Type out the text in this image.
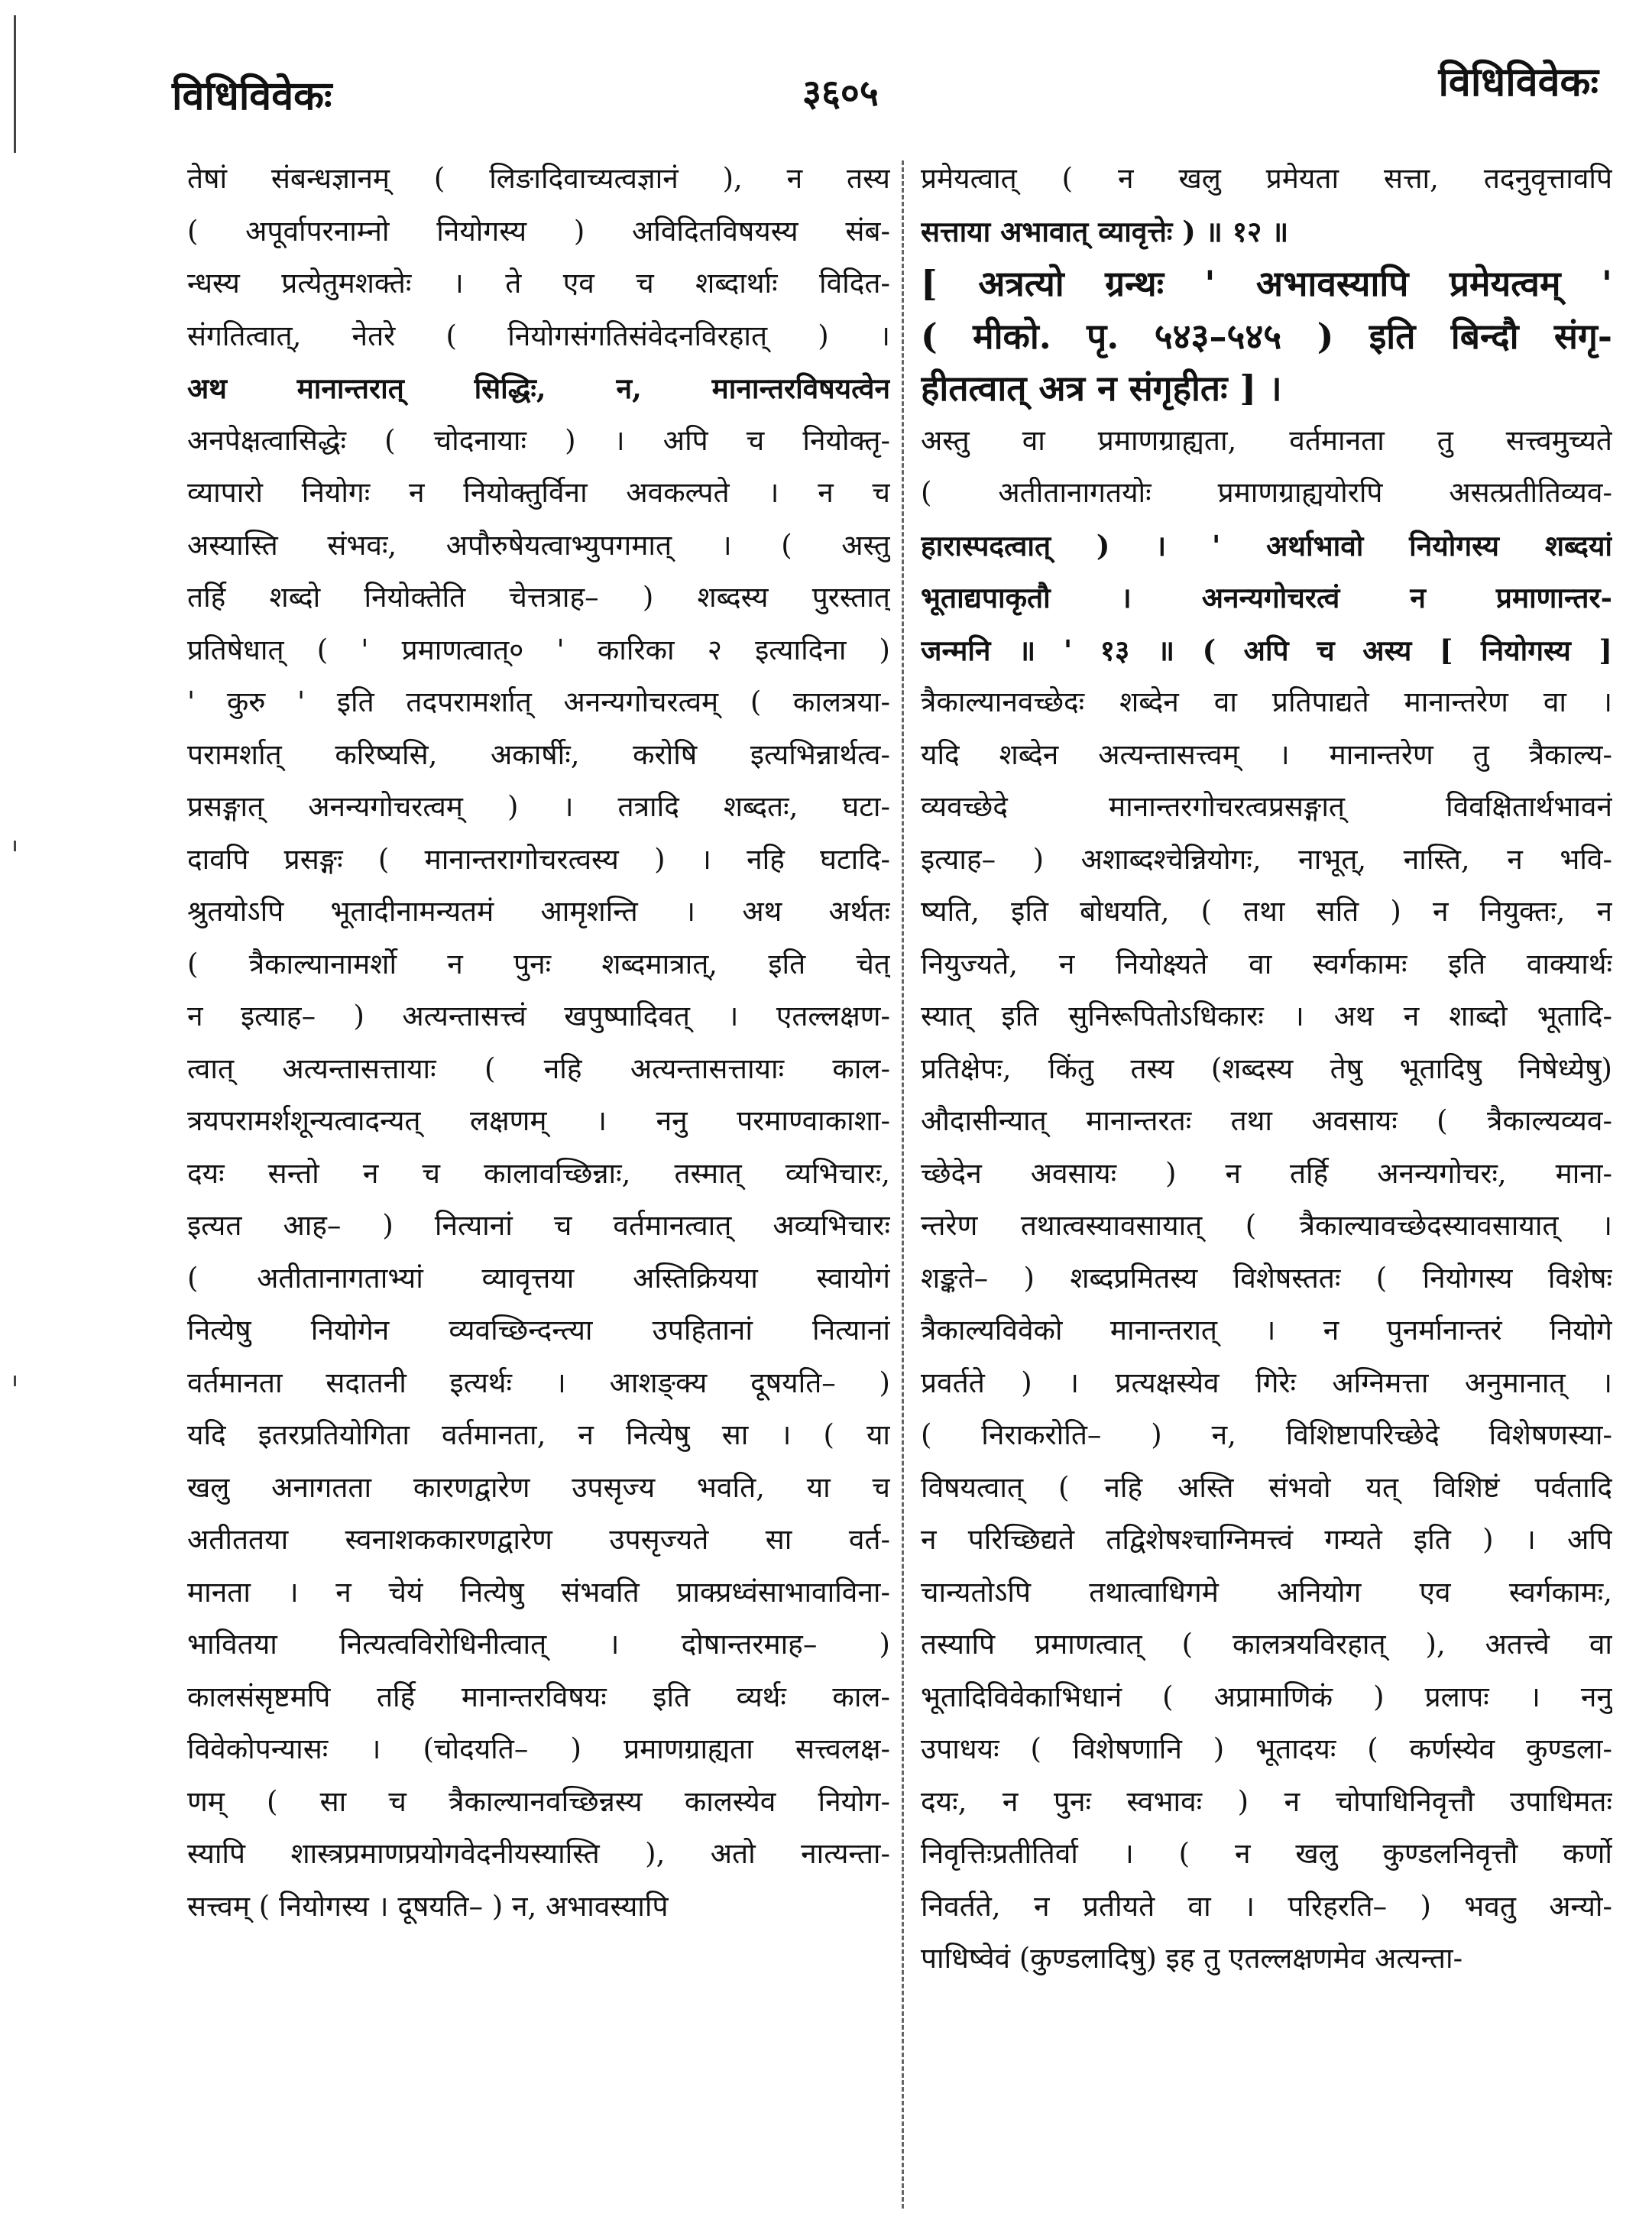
विधिविवेकः	३६०५	विधिविवेकः
तेषां संबन्धज्ञानम् ( लिङादिवाच्यत्वज्ञानं ), न तस्य
( अपूर्वापरनाम्नो नियोगस्य ) अविदितविषयस्य संब-
न्धस्य प्रत्येतुमशक्तेः । ते एव च शब्दार्थाः विदित-
संगतित्वात्, नेतरे ( नियोगसंगतिसंवेदनविरहात् ) ।
अथ मानान्तरात् सिद्धिः, न, मानान्तरविषयत्वेन
अनपेक्षत्वासिद्धेः ( चोदनायाः ) । अपि च नियोक्तृ-
व्यापारो नियोगः न नियोक्तुर्विना अवकल्पते । न च
अस्यास्ति संभवः, अपौरुषेयत्वाभ्युपगमात् । ( अस्तु
तर्हि शब्दो नियोक्तेति चेत्तत्राह– ) शब्दस्य पुरस्तात्
प्रतिषेधात् ( ' प्रमाणत्वात्० ' कारिका २ इत्यादिना )
' कुरु ' इति तदपरामर्शात् अनन्यगोचरत्वम् ( कालत्रया-
परामर्शात् करिष्यसि, अकार्षीः, करोषि इत्यभिन्नार्थत्व-
प्रसङ्गात् अनन्यगोचरत्वम् ) । तत्रादि शब्दतः, घटा-
दावपि प्रसङ्गः ( मानान्तरागोचरत्वस्य ) । नहि घटादि-
श्रुतयोऽपि भूतादीनामन्यतमं आमृशन्ति । अथ अर्थतः
( त्रैकाल्यानामर्शो न पुनः शब्दमात्रात्, इति चेत्
न इत्याह– ) अत्यन्तासत्त्वं खपुष्पादिवत् । एतल्लक्षण-
त्वात् अत्यन्तासत्तायाः ( नहि अत्यन्तासत्तायाः काल-
त्रयपरामर्शशून्यत्वादन्यत् लक्षणम् । ननु परमाण्वाकाशा-
दयः सन्तो न च कालावच्छिन्नाः, तस्मात् व्यभिचारः,
इत्यत आह– ) नित्यानां च वर्तमानत्वात् अव्यभिचारः
( अतीतानागताभ्यां व्यावृत्तया अस्तिक्रियया स्वायोगं
नित्येषु नियोगेन व्यवच्छिन्दन्त्या उपहितानां नित्यानां
वर्तमानता सदातनी इत्यर्थः । आशङ्क्य दूषयति– )
यदि इतरप्रतियोगिता वर्तमानता, न नित्येषु सा । ( या
खलु अनागतता कारणद्वारेण उपसृज्य भवति, या च
अतीततया स्वनाशककारणद्वारेण उपसृज्यते सा वर्त-
मानता । न चेयं नित्येषु संभवति प्राक्प्रध्वंसाभावाविना-
भावितया नित्यत्वविरोधिनीत्वात् । दोषान्तरमाह– )
कालसंसृष्टमपि तर्हि मानान्तरविषयः इति व्यर्थः काल-
विवेकोपन्यासः । (चोदयति– ) प्रमाणग्राह्यता सत्त्वलक्ष-
णम् ( सा च त्रैकाल्यानवच्छिन्नस्य कालस्येव नियोग-
स्यापि शास्त्रप्रमाणप्रयोगवेदनीयस्यास्ति ), अतो नात्यन्ता-
सत्त्वम् ( नियोगस्य । दूषयति– ) न, अभावस्यापि
प्रमेयत्वात् ( न खलु प्रमेयता सत्ता, तदनुवृत्तावपि
सत्ताया अभावात् व्यावृत्तेः ) ॥ १२ ॥
[ अत्रत्यो ग्रन्थः ' अभावस्यापि प्रमेयत्वम् '
( मीको. पृ. ५४३–५४५ ) इति बिन्दौ संगृ-
हीतत्वात् अत्र न संगृहीतः ] ।
अस्तु वा प्रमाणग्राह्यता, वर्तमानता तु सत्त्वमुच्यते
( अतीतानागतयोः प्रमाणग्राह्ययोरपि असत्प्रतीतिव्यव-
हारास्पदत्वात् ) । ' अर्थाभावो नियोगस्य शब्दयां
भूताद्यपाकृतौ । अनन्यगोचरत्वं न प्रमाणान्तर-
जन्मनि ॥ ' १३ ॥ ( अपि च अस्य [ नियोगस्य ]
त्रैकाल्यानवच्छेदः शब्देन वा प्रतिपाद्यते मानान्तरेण वा ।
यदि शब्देन अत्यन्तासत्त्वम् । मानान्तरेण तु त्रैकाल्य-
व्यवच्छेदे मानान्तरगोचरत्वप्रसङ्गात् विवक्षितार्थभावनं
इत्याह– ) अशाब्दश्चेन्नियोगः, नाभूत्, नास्ति, न भवि-
ष्यति, इति बोधयति, ( तथा सति ) न नियुक्तः, न
नियुज्यते, न नियोक्ष्यते वा स्वर्गकामः इति वाक्यार्थः
स्यात् इति सुनिरूपितोऽधिकारः । अथ न शाब्दो भूतादि-
प्रतिक्षेपः, किंतु तस्य (शब्दस्य तेषु भूतादिषु निषेध्येषु)
औदासीन्यात् मानान्तरतः तथा अवसायः ( त्रैकाल्यव्यव-
च्छेदेन अवसायः ) न तर्हि अनन्यगोचरः, माना-
न्तरेण तथात्वस्यावसायात् ( त्रैकाल्यावच्छेदस्यावसायात् ।
शङ्कते– ) शब्दप्रमितस्य विशेषस्ततः ( नियोगस्य विशेषः
त्रैकाल्यविवेको मानान्तरात् । न पुनर्मानान्तरं नियोगे
प्रवर्तते ) । प्रत्यक्षस्येव गिरेः अग्निमत्ता अनुमानात् ।
( निराकरोति– ) न, विशिष्टापरिच्छेदे विशेषणस्या-
विषयत्वात् ( नहि अस्ति संभवो यत् विशिष्टं पर्वतादि
न परिच्छिद्यते तद्विशेषश्चाग्निमत्त्वं गम्यते इति ) । अपि
चान्यतोऽपि तथात्वाधिगमे अनियोग एव स्वर्गकामः,
तस्यापि प्रमाणत्वात् ( कालत्रयविरहात् ), अतत्त्वे वा
भूतादिविवेकाभिधानं ( अप्रामाणिकं ) प्रलापः । ननु
उपाधयः ( विशेषणानि ) भूतादयः ( कर्णस्येव कुण्डला-
दयः, न पुनः स्वभावः ) न चोपाधिनिवृत्तौ उपाधिमतः
निवृत्तिःप्रतीतिर्वा । ( न खलु कुण्डलनिवृत्तौ कर्णो
निवर्तते, न प्रतीयते वा । परिहरति– ) भवतु अन्यो-
पाधिष्वेवं (कुण्डलादिषु) इह तु एतल्लक्षणमेव अत्यन्ता-
